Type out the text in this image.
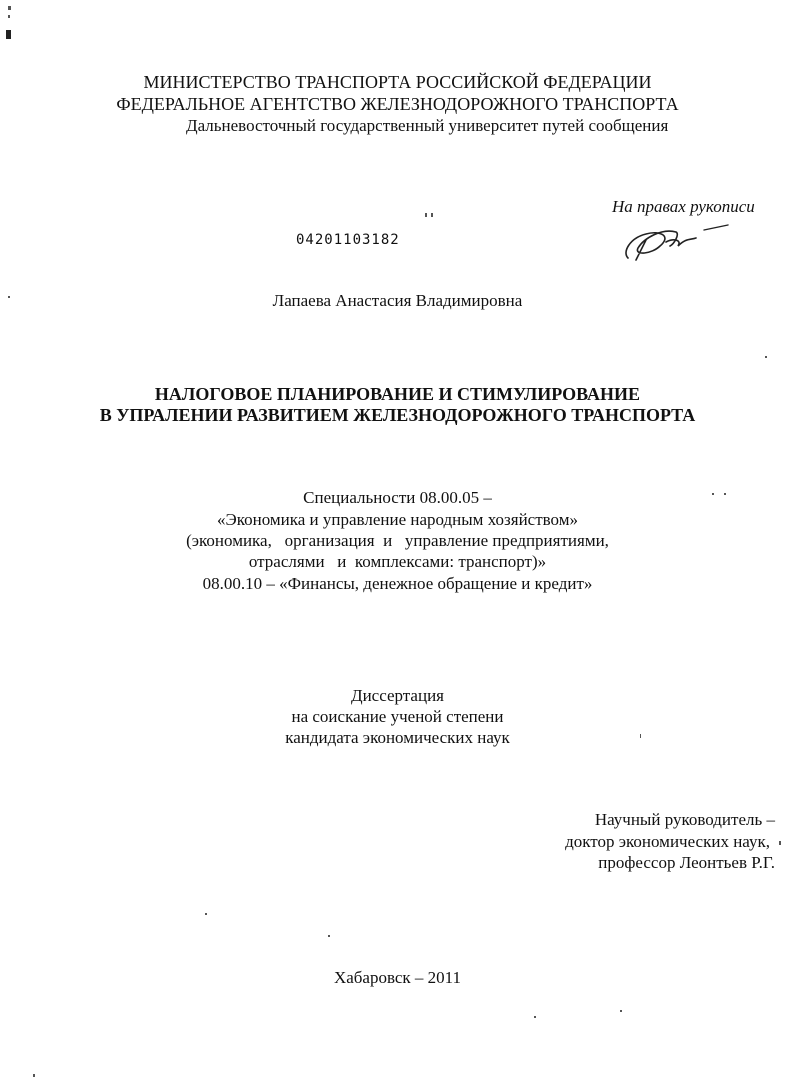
МИНИСТЕРСТВО ТРАНСПОРТА РОССИЙСКОЙ ФЕДЕРАЦИИ
ФЕДЕРАЛЬНОЕ АГЕНТСТВО ЖЕЛЕЗНОДОРОЖНОГО ТРАНСПОРТА
Дальневосточный государственный университет путей сообщения
На правах рукописи
04201103182
Лапаева Анастасия Владимировна
НАЛОГОВОЕ ПЛАНИРОВАНИЕ И СТИМУЛИРОВАНИЕ
В УПРАЛЕНИИ РАЗВИТИЕМ ЖЕЛЕЗНОДОРОЖНОГО ТРАНСПОРТА
Специальности 08.00.05 –
«Экономика и управление народным хозяйством»
(экономика,   организация  и   управление предприятиями,
отраслями   и  комплексами: транспорт)»
08.00.10 – «Финансы, денежное обращение и кредит»
Диссертация
на соискание ученой степени
кандидата экономических наук
Научный руководитель –
доктор экономических наук,
профессор Леонтьев Р.Г.
Хабаровск – 2011
